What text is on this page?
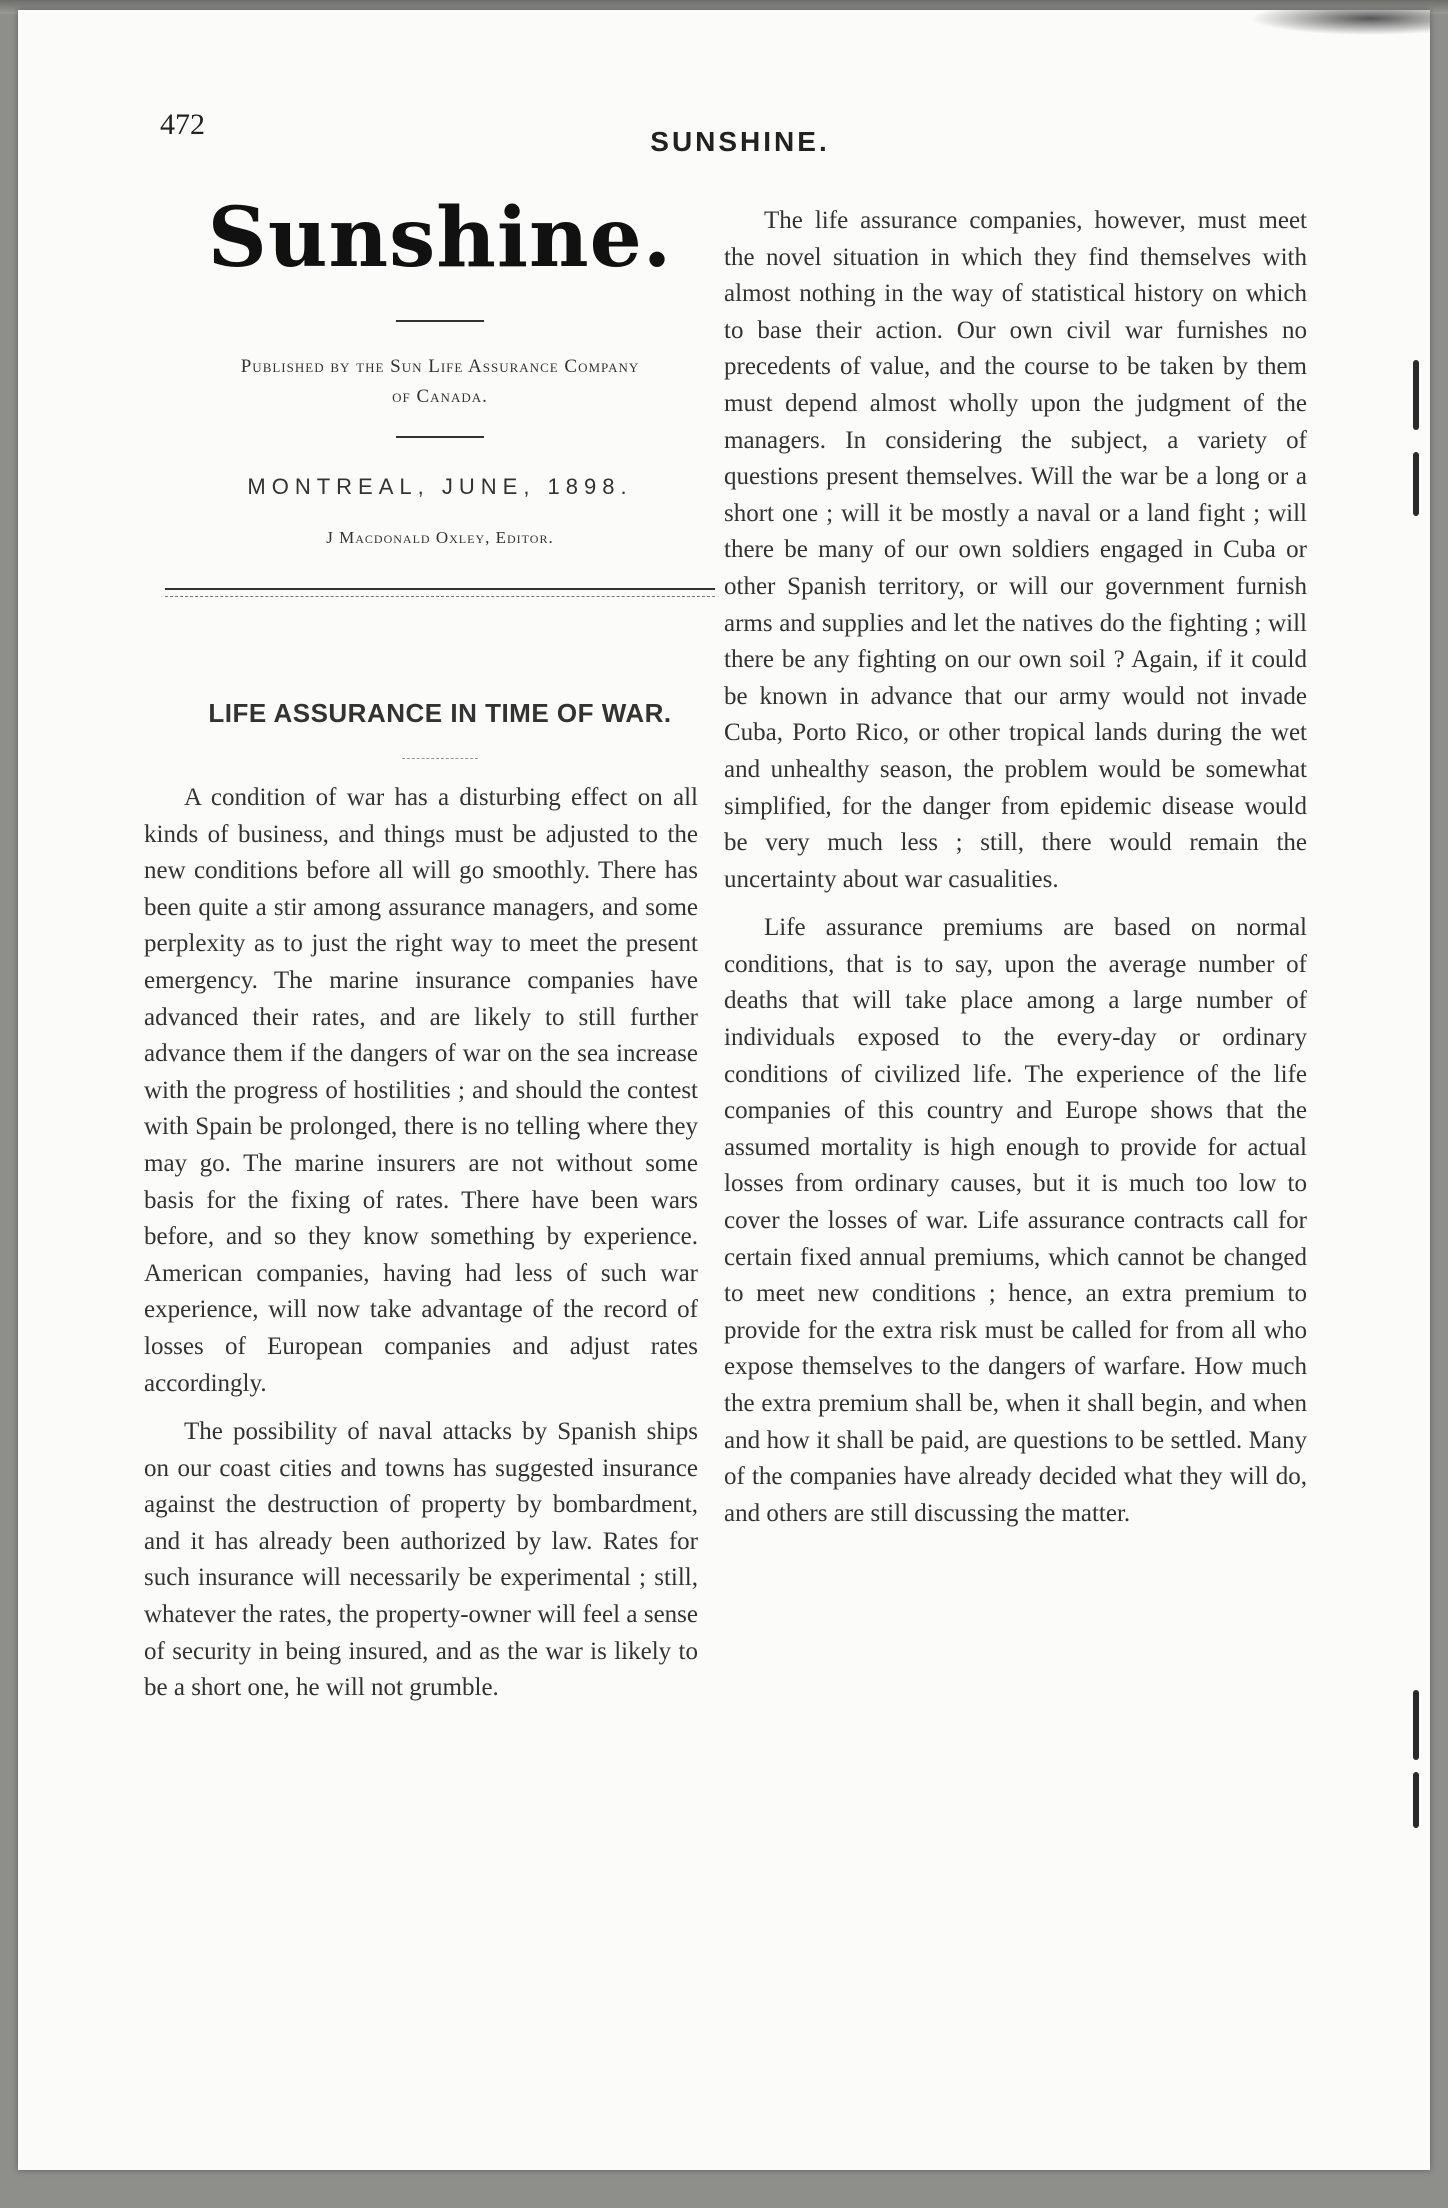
472

SUNSHINE.

Sunshine.

Published by the Sun Life Assurance Company

of Canada.

MONTREAL, JUNE, 1898.

J Macdonald Oxley, Editor.

LIFE ASSURANCE IN TIME OF WAR.

A condition of war has a disturbing effect on all kinds of business, and things must be adjusted to the new conditions before all will go smoothly. There has been quite a stir among assurance managers, and some perplexity as to just the right way to meet the present emergency. The marine insurance companies have advanced their rates, and are likely to still further advance them if the dangers of war on the sea increase with the progress of hostilities ; and should the contest with Spain be prolonged, there is no telling where they may go. The marine insurers are not without some basis for the fixing of rates. There have been wars before, and so they know something by experience. American companies, having had less of such war experience, will now take advantage of the record of losses of European companies and adjust rates accordingly.

The possibility of naval attacks by Spanish ships on our coast cities and towns has suggested insurance against the destruction of property by bombardment, and it has already been authorized by law. Rates for such insurance will necessarily be experimental ; still, whatever the rates, the property-owner will feel a sense of security in being insured, and as the war is likely to be a short one, he will not grumble.

The life assurance companies, however, must meet the novel situation in which they find themselves with almost nothing in the way of statistical history on which to base their action. Our own civil war furnishes no precedents of value, and the course to be taken by them must depend almost wholly upon the judgment of the managers. In considering the subject, a variety of questions present themselves. Will the war be a long or a short one ; will it be mostly a naval or a land fight ; will there be many of our own soldiers engaged in Cuba or other Spanish territory, or will our government furnish arms and supplies and let the natives do the fighting ; will there be any fighting on our own soil ? Again, if it could be known in advance that our army would not invade Cuba, Porto Rico, or other tropical lands during the wet and unhealthy season, the problem would be somewhat simplified, for the danger from epidemic disease would be very much less ; still, there would remain the uncertainty about war casualities.

Life assurance premiums are based on normal conditions, that is to say, upon the average number of deaths that will take place among a large number of individuals exposed to the every-day or ordinary conditions of civilized life. The experience of the life companies of this country and Europe shows that the assumed mortality is high enough to provide for actual losses from ordinary causes, but it is much too low to cover the losses of war. Life assurance contracts call for certain fixed annual premiums, which cannot be changed to meet new conditions ; hence, an extra premium to provide for the extra risk must be called for from all who expose themselves to the dangers of warfare. How much the extra premium shall be, when it shall begin, and when and how it shall be paid, are questions to be settled. Many of the companies have already decided what they will do, and others are still discussing the matter.
